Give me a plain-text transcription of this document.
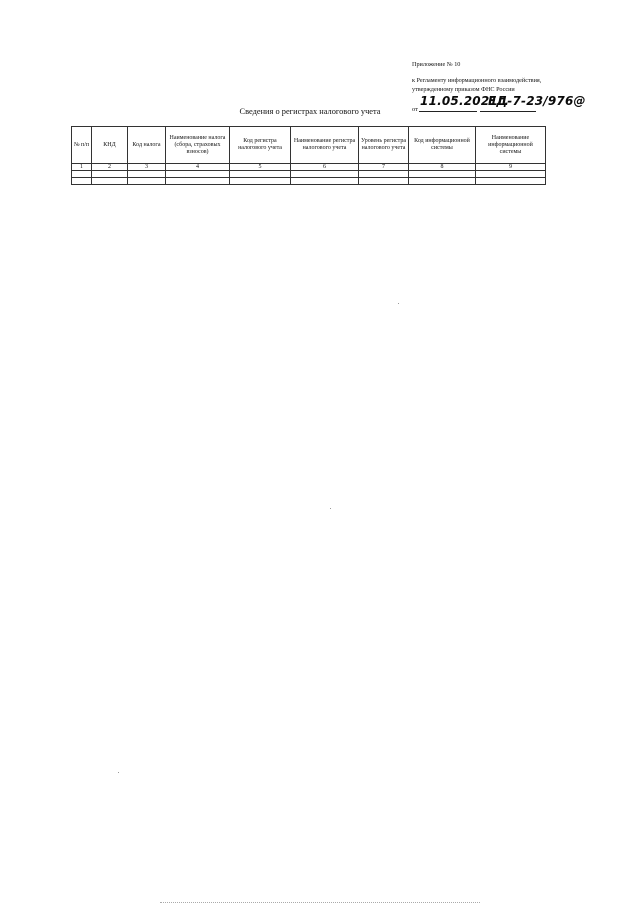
Приложение № 10
к Регламенту информационного взаимодействия,
утвержденному приказом ФНС России
от
11.05.2021г.
ЕД-7-23/976@
Сведения о регистрах налогового учета
№ п/п	КНД	Код налога	Наименование налога (сбора, страховых взносов)	Код регистра налогового учета	Наименование регистра налогового учета	Уровень регистра налогового учета	Код информационной системы	Наименование информационной системы
1	2	3	4	5	6	7	8	9
